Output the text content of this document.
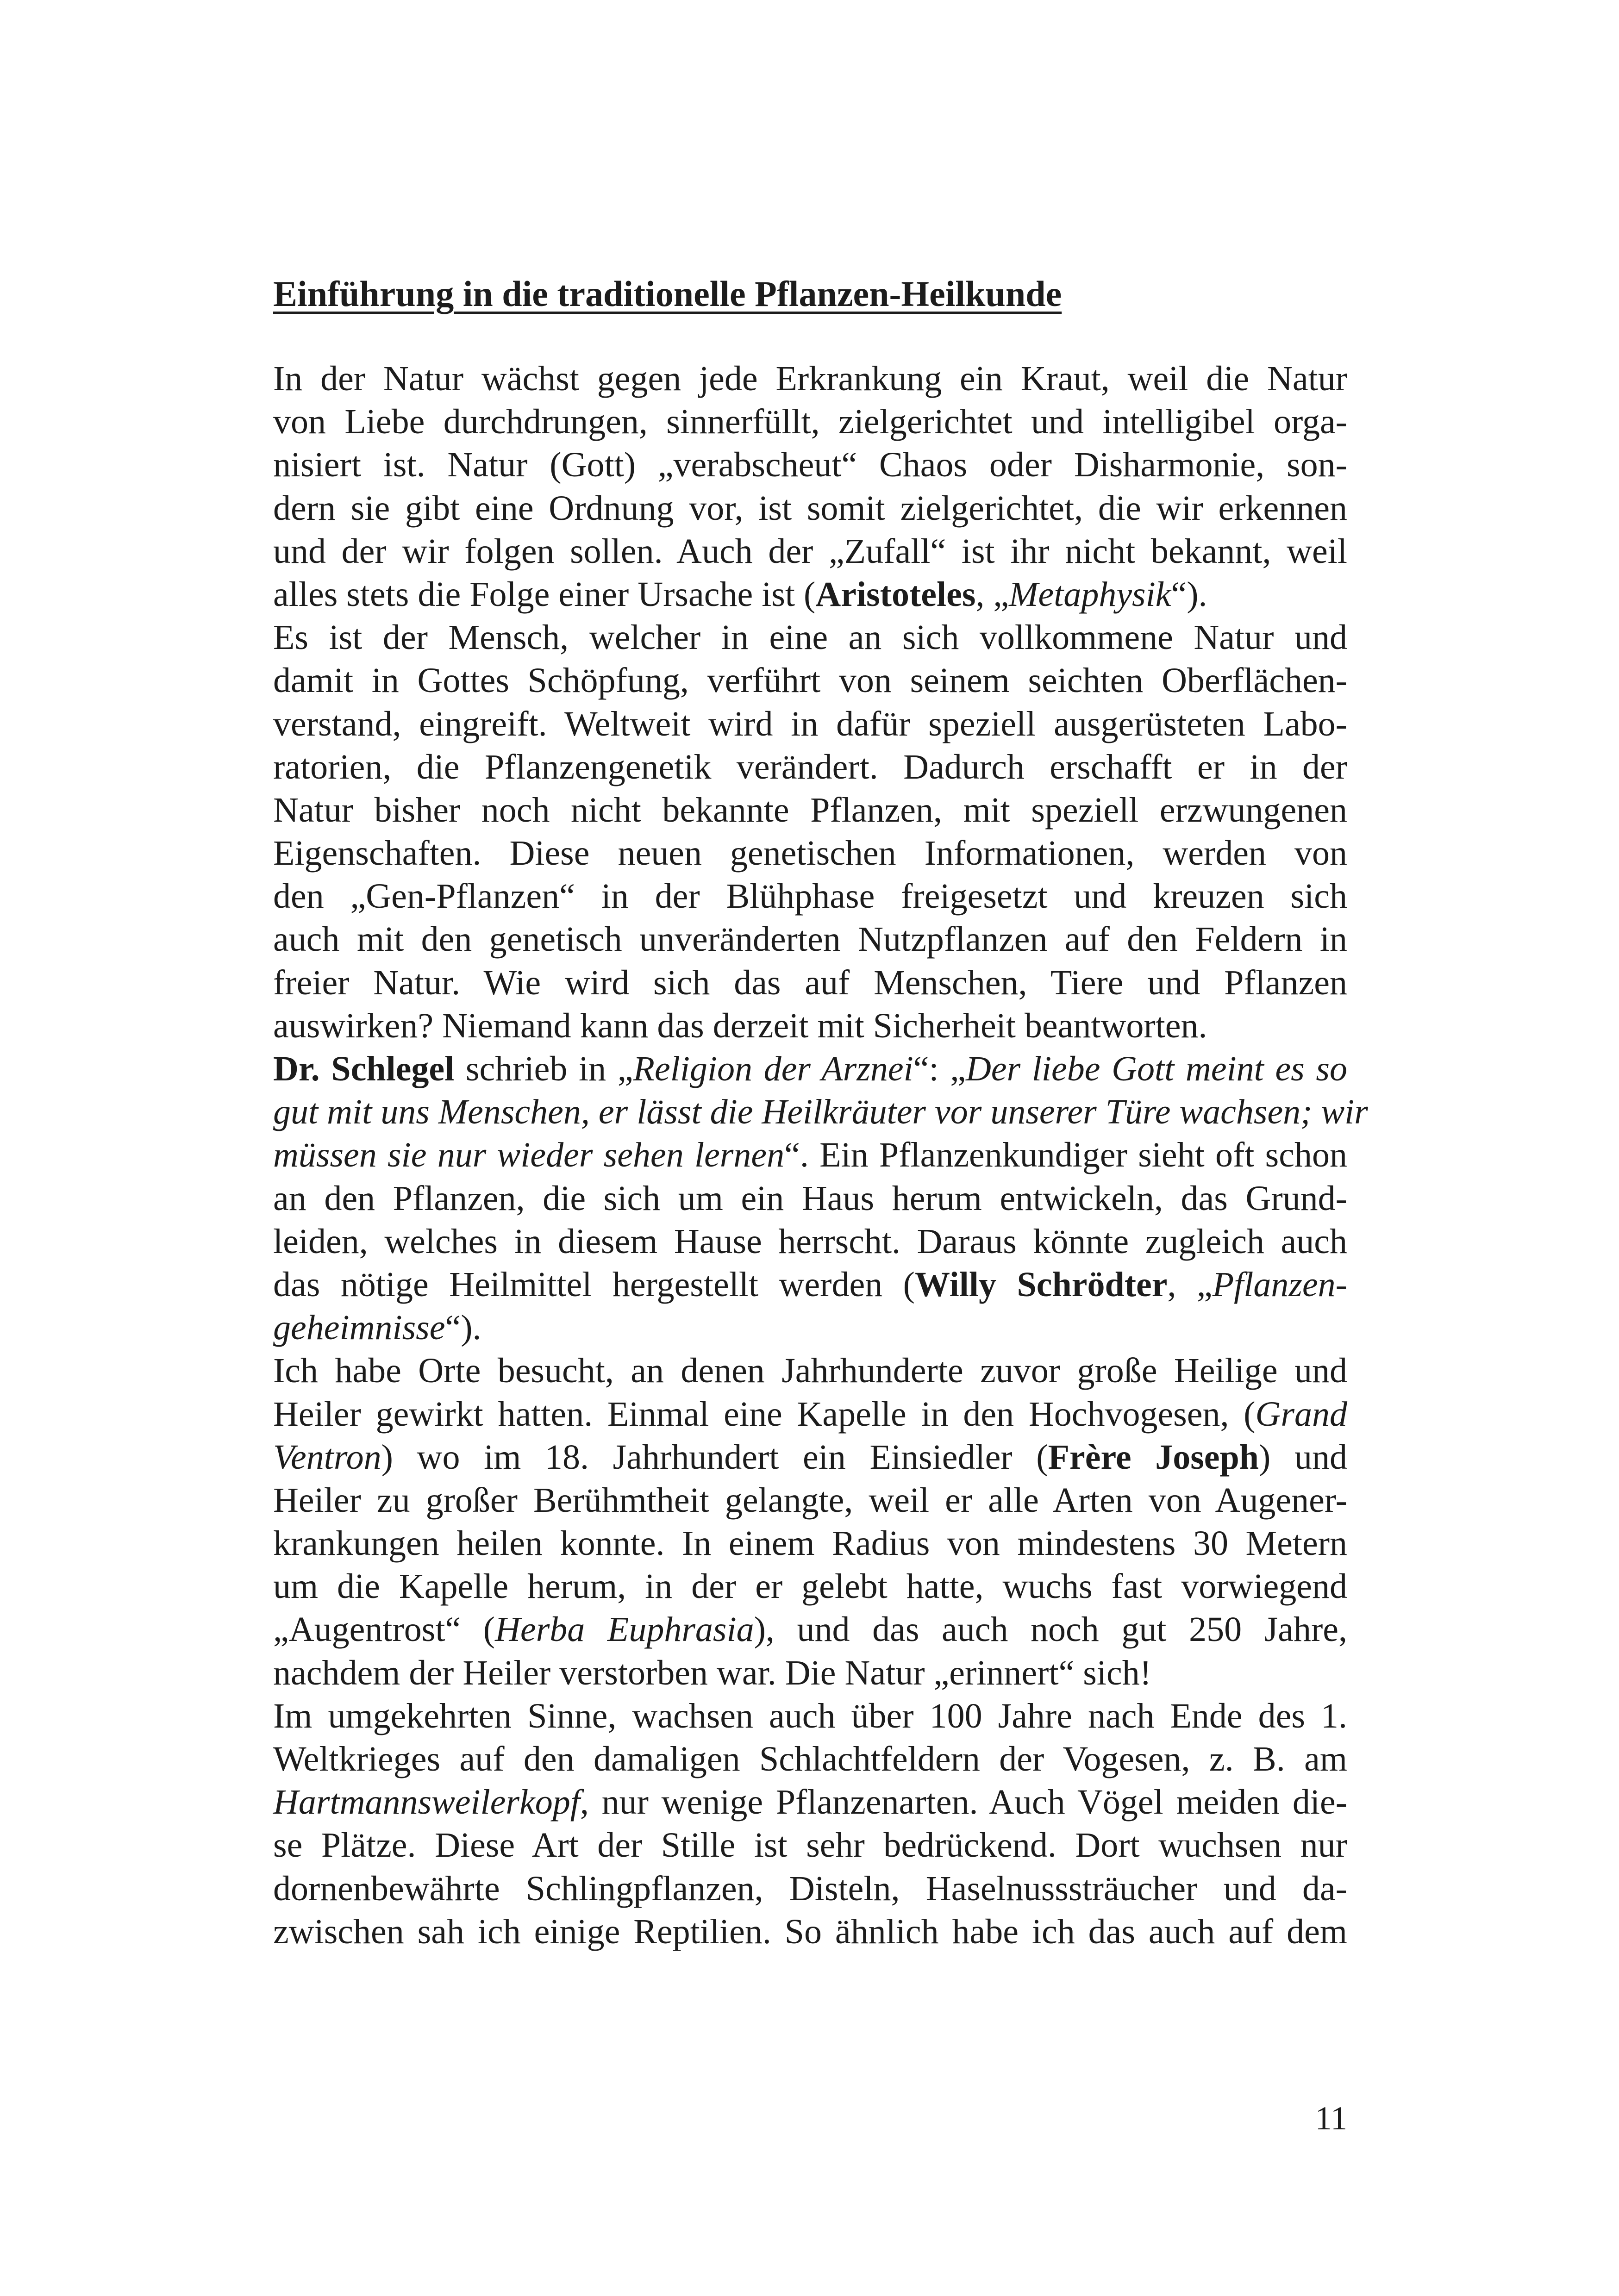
Einführung in die traditionelle Pflanzen-Heilkunde
In der Natur wächst gegen jede Erkrankung ein Kraut, weil die Natur
von Liebe durchdrungen, sinnerfüllt, zielgerichtet und intelligibel orga-
nisiert ist. Natur (Gott) „verabscheut“ Chaos oder Disharmonie, son-
dern sie gibt eine Ordnung vor, ist somit zielgerichtet, die wir erkennen
und der wir folgen sollen. Auch der „Zufall“ ist ihr nicht bekannt, weil
alles stets die Folge einer Ursache ist (Aristoteles, „Metaphysik“).
Es ist der Mensch, welcher in eine an sich vollkommene Natur und
damit in Gottes Schöpfung, verführt von seinem seichten Oberflächen-
verstand, eingreift. Weltweit wird in dafür speziell ausgerüsteten Labo-
ratorien, die Pflanzengenetik verändert. Dadurch erschafft er in der
Natur bisher noch nicht bekannte Pflanzen, mit speziell erzwungenen
Eigenschaften. Diese neuen genetischen Informationen, werden von
den „Gen-Pflanzen“ in der Blühphase freigesetzt und kreuzen sich
auch mit den genetisch unveränderten Nutzpflanzen auf den Feldern in
freier Natur. Wie wird sich das auf Menschen, Tiere und Pflanzen
auswirken? Niemand kann das derzeit mit Sicherheit beantworten.
Dr. Schlegel schrieb in „Religion der Arznei“: „Der liebe Gott meint es so
gut mit uns Menschen, er lässt die Heilkräuter vor unserer Türe wachsen; wir
müssen sie nur wieder sehen lernen“. Ein Pflanzenkundiger sieht oft schon
an den Pflanzen, die sich um ein Haus herum entwickeln, das Grund-
leiden, welches in diesem Hause herrscht. Daraus könnte zugleich auch
das nötige Heilmittel hergestellt werden (Willy Schrödter, „Pflanzen-
geheimnisse“).
Ich habe Orte besucht, an denen Jahrhunderte zuvor große Heilige und
Heiler gewirkt hatten. Einmal eine Kapelle in den Hochvogesen, (Grand
Ventron) wo im 18. Jahrhundert ein Einsiedler (Frère Joseph) und
Heiler zu großer Berühmtheit gelangte, weil er alle Arten von Augener-
krankungen heilen konnte. In einem Radius von mindestens 30 Metern
um die Kapelle herum, in der er gelebt hatte, wuchs fast vorwiegend
„Augentrost“ (Herba Euphrasia), und das auch noch gut 250 Jahre,
nachdem der Heiler verstorben war. Die Natur „erinnert“ sich!
Im umgekehrten Sinne, wachsen auch über 100 Jahre nach Ende des 1.
Weltkrieges auf den damaligen Schlachtfeldern der Vogesen, z. B. am
Hartmannsweilerkopf, nur wenige Pflanzenarten. Auch Vögel meiden die-
se Plätze. Diese Art der Stille ist sehr bedrückend. Dort wuchsen nur
dornenbewährte Schlingpflanzen, Disteln, Haselnusssträucher und da-
zwischen sah ich einige Reptilien. So ähnlich habe ich das auch auf dem
11
